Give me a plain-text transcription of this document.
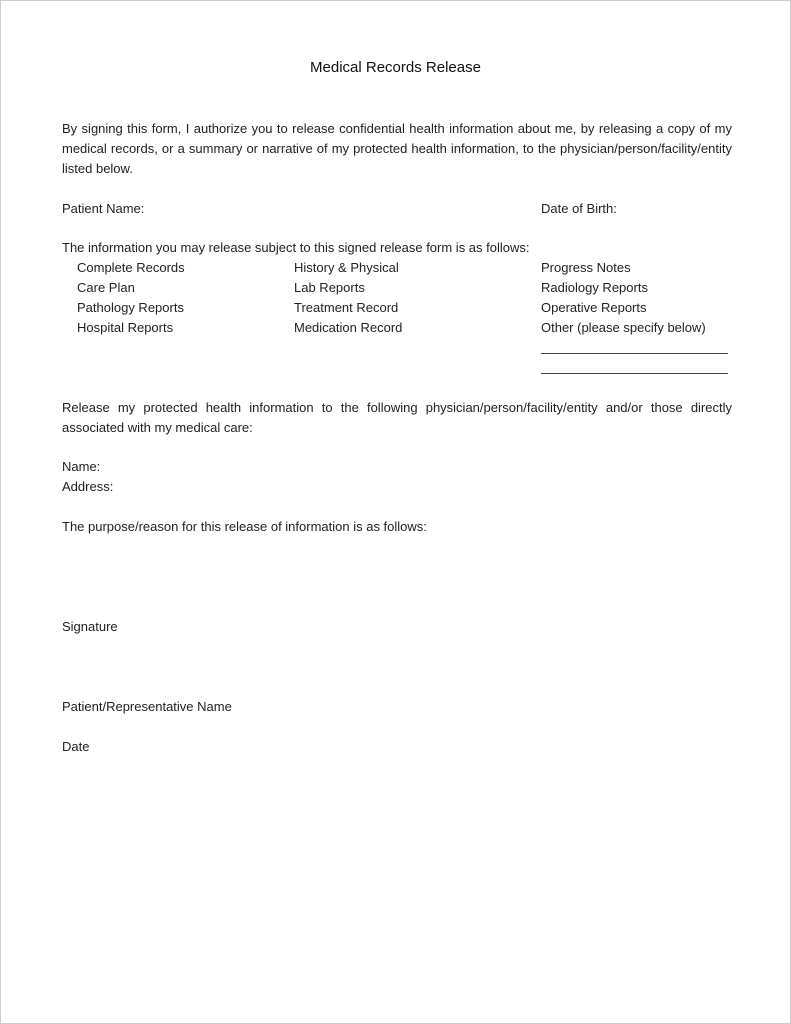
Medical Records Release
By signing this form, I authorize you to release confidential health information about me, by releasing a copy of my medical records, or a summary or narrative of my protected health information, to the physician/person/facility/entity listed below.
Patient Name:	Date of Birth:
The information you may release subject to this signed release form is as follows:
Complete Records
Care Plan
Pathology Reports
Hospital Reports
History & Physical
Lab Reports
Treatment Record
Medication Record
Progress Notes
Radiology Reports
Operative Reports
Other (please specify below)
Release my protected health information to the following physician/person/facility/entity and/or those directly associated with my medical care:
Name:
Address:
The purpose/reason for this release of information is as follows:
Signature
Patient/Representative Name
Date
